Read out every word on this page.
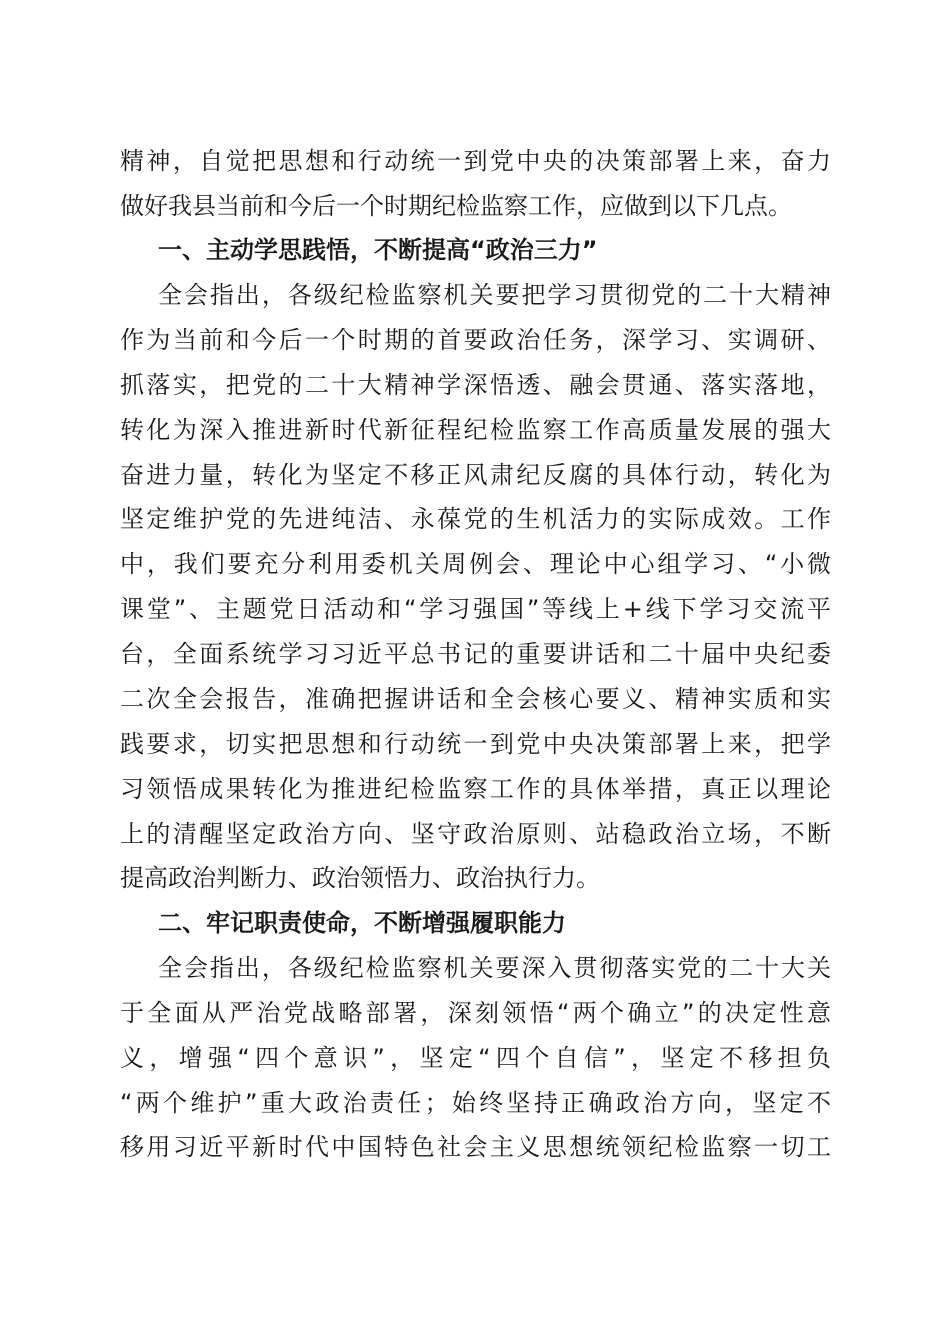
精神，自觉把思想和行动统一到党中央的决策部署上来，奋力
做好我县当前和今后一个时期纪检监察工作，应做到以下几点。
一、主动学思践悟，不断提高“政治三力”
全会指出，各级纪检监察机关要把学习贯彻党的二十大精神
作为当前和今后一个时期的首要政治任务，深学习、实调研、
抓落实，把党的二十大精神学深悟透、融会贯通、落实落地，
转化为深入推进新时代新征程纪检监察工作高质量发展的强大
奋进力量，转化为坚定不移正风肃纪反腐的具体行动，转化为
坚定维护党的先进纯洁、永葆党的生机活力的实际成效。工作
中，我们要充分利用委机关周例会、理论中心组学习、“小微
课堂”、主题党日活动和“学习强国”等线上+线下学习交流平
台，全面系统学习习近平总书记的重要讲话和二十届中央纪委
二次全会报告，准确把握讲话和全会核心要义、精神实质和实
践要求，切实把思想和行动统一到党中央决策部署上来，把学
习领悟成果转化为推进纪检监察工作的具体举措，真正以理论
上的清醒坚定政治方向、坚守政治原则、站稳政治立场，不断
提高政治判断力、政治领悟力、政治执行力。
二、牢记职责使命，不断增强履职能力
全会指出，各级纪检监察机关要深入贯彻落实党的二十大关
于全面从严治党战略部署，深刻领悟“两个确立”的决定性意
义，增强“四个意识”，坚定“四个自信”，坚定不移担负
“两个维护”重大政治责任；始终坚持正确政治方向，坚定不
移用习近平新时代中国特色社会主义思想统领纪检监察一切工
